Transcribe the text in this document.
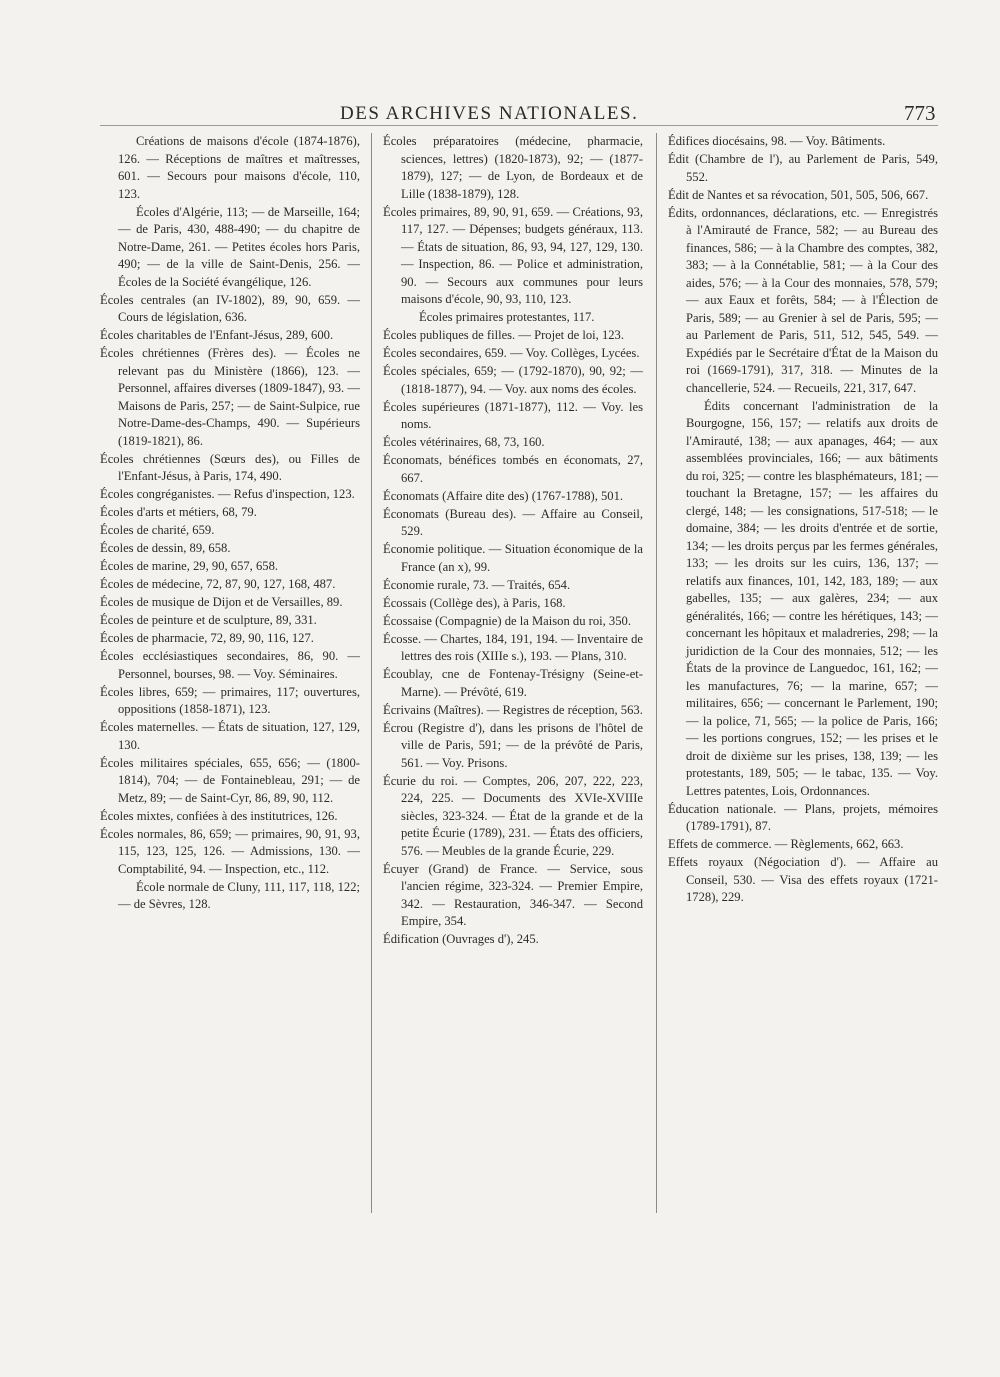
DES ARCHIVES NATIONALES.	773

Créations de maisons d'école (1874-1876), 126. — Réceptions de maîtres et maîtresses, 601. — Secours pour maisons d'école, 110, 123.

Écoles d'Algérie, 113; — de Marseille, 164; — de Paris, 430, 488-490; — du chapitre de Notre-Dame, 261. — Petites écoles hors Paris, 490; — de la ville de Saint-Denis, 256. — Écoles de la Société évangélique, 126.

Écoles centrales (an IV-1802), 89, 90, 659. — Cours de législation, 636.

Écoles charitables de l'Enfant-Jésus, 289, 600.

Écoles chrétiennes (Frères des). — Écoles ne relevant pas du Ministère (1866), 123. — Personnel, affaires diverses (1809-1847), 93. — Maisons de Paris, 257; — de Saint-Sulpice, rue Notre-Dame-des-Champs, 490. — Supérieurs (1819-1821), 86.

Écoles chrétiennes (Sœurs des), ou Filles de l'Enfant-Jésus, à Paris, 174, 490.

Écoles congréganistes. — Refus d'inspection, 123.

Écoles d'arts et métiers, 68, 79.

Écoles de charité, 659.

Écoles de dessin, 89, 658.

Écoles de marine, 29, 90, 657, 658.

Écoles de médecine, 72, 87, 90, 127, 168, 487.

Écoles de musique de Dijon et de Versailles, 89.

Écoles de peinture et de sculpture, 89, 331.

Écoles de pharmacie, 72, 89, 90, 116, 127.

Écoles ecclésiastiques secondaires, 86, 90. — Personnel, bourses, 98. — Voy. Séminaires.

Écoles libres, 659; — primaires, 117; ouvertures, oppositions (1858-1871), 123.

Écoles maternelles. — États de situation, 127, 129, 130.

Écoles militaires spéciales, 655, 656; — (1800-1814), 704; — de Fontainebleau, 291; — de Metz, 89; — de Saint-Cyr, 86, 89, 90, 112.

Écoles mixtes, confiées à des institutrices, 126.

Écoles normales, 86, 659; — primaires, 90, 91, 93, 115, 123, 125, 126. — Admissions, 130. — Comptabilité, 94. — Inspection, etc., 112.

École normale de Cluny, 111, 117, 118, 122; — de Sèvres, 128.

Écoles préparatoires (médecine, pharmacie, sciences, lettres) (1820-1873), 92; — (1877-1879), 127; — de Lyon, de Bordeaux et de Lille (1838-1879), 128.

Écoles primaires, 89, 90, 91, 659. — Créations, 93, 117, 127. — Dépenses; budgets généraux, 113. — États de situation, 86, 93, 94, 127, 129, 130. — Inspection, 86. — Police et administration, 90. — Secours aux communes pour leurs maisons d'école, 90, 93, 110, 123.

Écoles primaires protestantes, 117.

Écoles publiques de filles. — Projet de loi, 123.

Écoles secondaires, 659. — Voy. Collèges, Lycées.

Écoles spéciales, 659; — (1792-1870), 90, 92; — (1818-1877), 94. — Voy. aux noms des écoles.

Écoles supérieures (1871-1877), 112. — Voy. les noms.

Écoles vétérinaires, 68, 73, 160.

Économats, bénéfices tombés en économats, 27, 667.

Économats (Affaire dite des) (1767-1788), 501.

Économats (Bureau des). — Affaire au Conseil, 529.

Économie politique. — Situation économique de la France (an x), 99.

Économie rurale, 73. — Traités, 654.

Écossais (Collège des), à Paris, 168.

Écossaise (Compagnie) de la Maison du roi, 350.

Écosse. — Chartes, 184, 191, 194. — Inventaire de lettres des rois (XIIIe s.), 193. — Plans, 310.

Écoublay, cne de Fontenay-Trésigny (Seine-et-Marne). — Prévôté, 619.

Écrivains (Maîtres). — Registres de réception, 563.

Écrou (Registre d'), dans les prisons de l'hôtel de ville de Paris, 591; — de la prévôté de Paris, 561. — Voy. Prisons.

Écurie du roi. — Comptes, 206, 207, 222, 223, 224, 225. — Documents des XVIe-XVIIIe siècles, 323-324. — État de la grande et de la petite Écurie (1789), 231. — États des officiers, 576. — Meubles de la grande Écurie, 229.

Écuyer (Grand) de France. — Service, sous l'ancien régime, 323-324. — Premier Empire, 342. — Restauration, 346-347. — Second Empire, 354.

Édification (Ouvrages d'), 245.

Édifices diocésains, 98. — Voy. Bâtiments.

Édit (Chambre de l'), au Parlement de Paris, 549, 552.

Édit de Nantes et sa révocation, 501, 505, 506, 667.

Édits, ordonnances, déclarations, etc. — Enregistrés à l'Amirauté de France, 582; — au Bureau des finances, 586; — à la Chambre des comptes, 382, 383; — à la Connétablie, 581; — à la Cour des aides, 576; — à la Cour des monnaies, 578, 579; — aux Eaux et forêts, 584; — à l'Élection de Paris, 589; — au Grenier à sel de Paris, 595; — au Parlement de Paris, 511, 512, 545, 549. — Expédiés par le Secrétaire d'État de la Maison du roi (1669-1791), 317, 318. — Minutes de la chancellerie, 524. — Recueils, 221, 317, 647.

Édits concernant l'administration de la Bourgogne, 156, 157; — relatifs aux droits de l'Amirauté, 138; — aux apanages, 464; — aux assemblées provinciales, 166; — aux bâtiments du roi, 325; — contre les blasphémateurs, 181; — touchant la Bretagne, 157; — les affaires du clergé, 148; — les consignations, 517-518; — le domaine, 384; — les droits d'entrée et de sortie, 134; — les droits perçus par les fermes générales, 133; — les droits sur les cuirs, 136, 137; — relatifs aux finances, 101, 142, 183, 189; — aux gabelles, 135; — aux galères, 234; — aux généralités, 166; — contre les hérétiques, 143; — concernant les hôpitaux et maladreries, 298; — la juridiction de la Cour des monnaies, 512; — les États de la province de Languedoc, 161, 162; — les manufactures, 76; — la marine, 657; — militaires, 656; — concernant le Parlement, 190; — la police, 71, 565; — la police de Paris, 166; — les portions congrues, 152; — les prises et le droit de dixième sur les prises, 138, 139; — les protestants, 189, 505; — le tabac, 135. — Voy. Lettres patentes, Lois, Ordonnances.

Éducation nationale. — Plans, projets, mémoires (1789-1791), 87.

Effets de commerce. — Règlements, 662, 663.

Effets royaux (Négociation d'). — Affaire au Conseil, 530. — Visa des effets royaux (1721-1728), 229.
